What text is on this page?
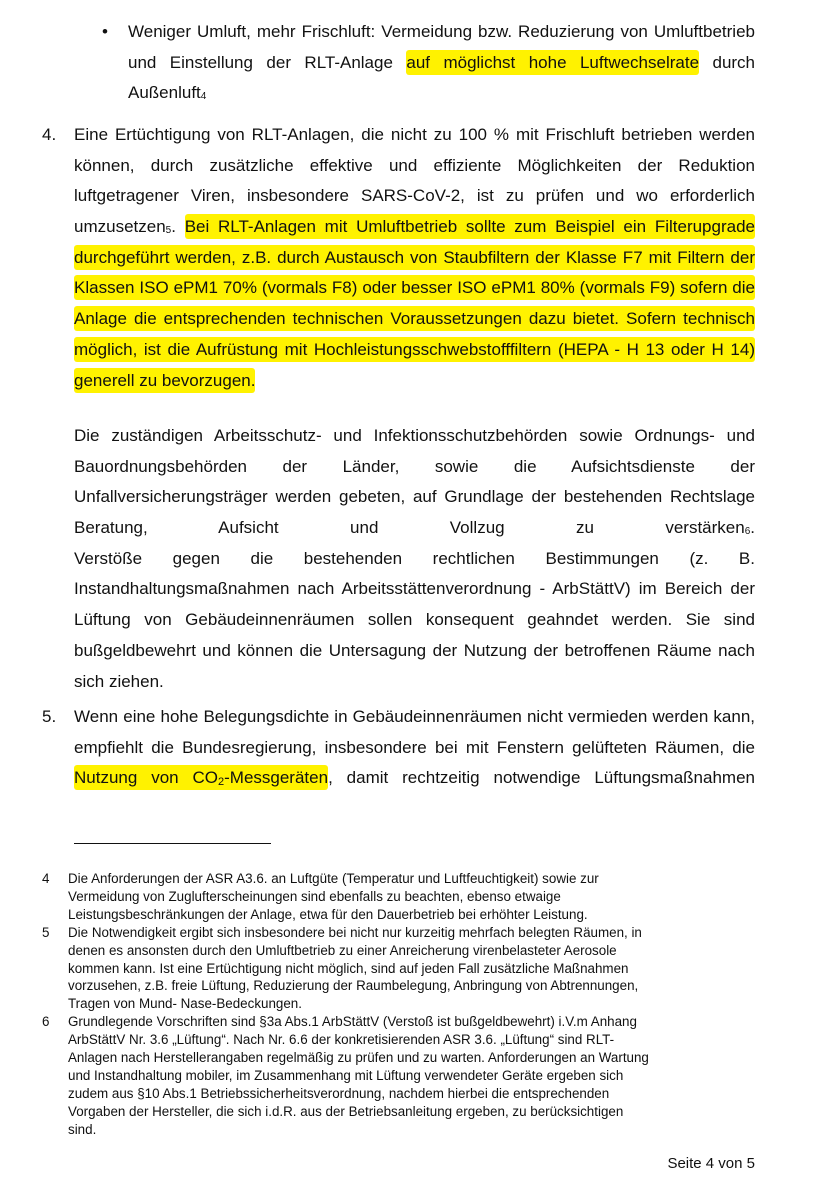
• Weniger Umluft, mehr Frischluft: Vermeidung bzw. Reduzierung von Umluftbetrieb
und Einstellung der RLT-Anlage auf möglichst hohe Luftwechselrate durch
Außenluft4
4. Eine Ertüchtigung von RLT-Anlagen, die nicht zu 100 % mit Frischluft betrieben werden
können, durch zusätzliche effektive und effiziente Möglichkeiten der Reduktion
luftgetragener Viren, insbesondere SARS-CoV-2, ist zu prüfen und wo erforderlich
umzusetzen5. Bei RLT-Anlagen mit Umluftbetrieb sollte zum Beispiel ein Filterupgrade
durchgeführt werden, z.B. durch Austausch von Staubfiltern der Klasse F7 mit Filtern der
Klassen ISO ePM1 70% (vormals F8) oder besser ISO ePM1 80% (vormals F9) sofern die
Anlage die entsprechenden technischen Voraussetzungen dazu bietet. Sofern technisch
möglich, ist die Aufrüstung mit Hochleistungsschwebstofffiltern (HEPA - H 13 oder H 14)
generell zu bevorzugen.
Die zuständigen Arbeitsschutz- und Infektionsschutzbehörden sowie Ordnungs- und
Bauordnungsbehörden der Länder, sowie die Aufsichtsdienste der
Unfallversicherungsträger werden gebeten, auf Grundlage der bestehenden Rechtslage
Beratung, Aufsicht und Vollzug zu verstärken6.
Verstöße gegen die bestehenden rechtlichen Bestimmungen (z. B.
Instandhaltungsmaßnahmen nach Arbeitsstättenverordnung - ArbStättV) im Bereich der
Lüftung von Gebäudeinnenräumen sollen konsequent geahndet werden. Sie sind
bußgeldbewehrt und können die Untersagung der Nutzung der betroffenen Räume nach
sich ziehen.
5. Wenn eine hohe Belegungsdichte in Gebäudeinnenräumen nicht vermieden werden kann,
empfiehlt die Bundesregierung, insbesondere bei mit Fenstern gelüfteten Räumen, die
Nutzung von CO2-Messgeräten, damit rechtzeitig notwendige Lüftungsmaßnahmen
4 Die Anforderungen der ASR A3.6. an Luftgüte (Temperatur und Luftfeuchtigkeit) sowie zur
Vermeidung von Zuglufterscheinungen sind ebenfalls zu beachten, ebenso etwaige
Leistungsbeschränkungen der Anlage, etwa für den Dauerbetrieb bei erhöhter Leistung.
5 Die Notwendigkeit ergibt sich insbesondere bei nicht nur kurzeitig mehrfach belegten Räumen, in
denen es ansonsten durch den Umluftbetrieb zu einer Anreicherung virenbelasteter Aerosole
kommen kann. Ist eine Ertüchtigung nicht möglich, sind auf jeden Fall zusätzliche Maßnahmen
vorzusehen, z.B. freie Lüftung, Reduzierung der Raumbelegung, Anbringung von Abtrennungen,
Tragen von Mund- Nase-Bedeckungen.
6 Grundlegende Vorschriften sind §3a Abs.1 ArbStättV (Verstoß ist bußgeldbewehrt) i.V.m Anhang
ArbStättV Nr. 3.6 „Lüftung“. Nach Nr. 6.6 der konkretisierenden ASR 3.6. „Lüftung“ sind RLT-
Anlagen nach Herstellerangaben regelmäßig zu prüfen und zu warten. Anforderungen an Wartung
und Instandhaltung mobiler, im Zusammenhang mit Lüftung verwendeter Geräte ergeben sich
zudem aus §10 Abs.1 Betriebssicherheitsverordnung, nachdem hierbei die entsprechenden
Vorgaben der Hersteller, die sich i.d.R. aus der Betriebsanleitung ergeben, zu berücksichtigen
sind.
Seite 4 von 5
